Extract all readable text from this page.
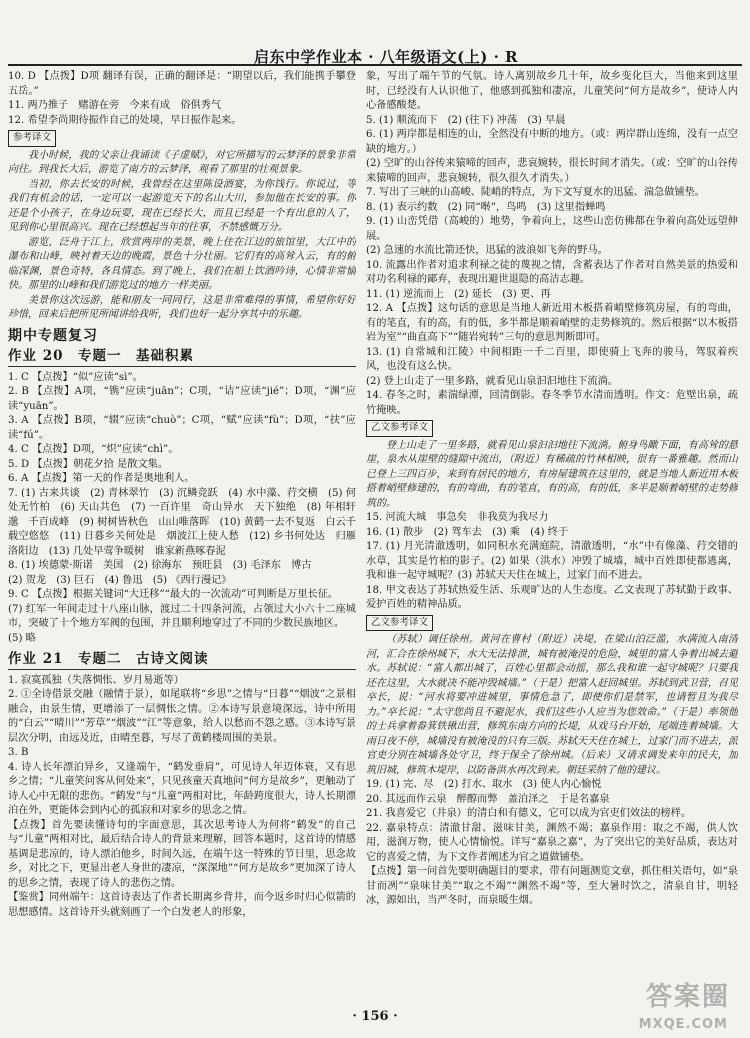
启东中学作业本 · 八年级语文(上) · R

10. D 【点拨】D项 翻译有误，正确的翻译是：“期望以后，我们能携手攀登五岳。”

11. 两乃推子　赌游在旁　今来有成　俗俱秀气

12. 希望李尚期待振作自己的处境，早日振作起来。

参考译文

我小时候，我的父亲让我诵读《子虚赋》，对它所描写的云梦泽的景象非常向往。到我长大后，游览了南方的云梦泽，观看了那里的壮观景象。

当初，你去长安的时候，我曾经在这里陈设酒宴，为你饯行。你说过，等我们有机会的话，一定可以一起游览天下的名山大川，参加他在长安的事。你还是个小孩子，在身边玩耍，现在已经长大，而且已经是一个有出息的人了，见到你心里很高兴。现在已经想起当年的往事，不禁感慨万分。

游览，泛舟于江上，欣赏两岸的美景，晚上住在江边的旅馆里，大江中的瀑布和山峰，映衬着天边的晚霞，景色十分壮丽。它们有的高耸入云，有的俯临深渊，景色奇特，各具情态。到了晚上，我们在船上饮酒吟诗，心情非常愉快。那里的山峰和我们游览过的地方一样美丽。

美景你这次远游，能和朋友一同同行，这是非常难得的事情，希望你好好珍惜，回来后把所见所闻讲给我听，我们也好一起分享其中的乐趣。

期中专题复习

作业 20　专题一　基础积累

1. C 【点拨】“似”应读“sì”。

2. B 【点拨】A项，“镌”应读“juān”；C项，“诘”应读“jié”；D项，“渊”应读“yuān”。

3. A 【点拨】B项，“辍”应读“chuò”；C项，“赋”应读“fù”；D项，“扶”应读“fú”。

4. C 【点拨】D项，“炽”应读“chì”。

5. D 【点拨】朝花夕拾 是散文集。

6. A 【点拨】第一天的作者是奥地利人。

7. (1) 古来共谈　(2) 青林翠竹　(3) 沉鳞竞跃　(4) 水中藻、荇交横　(5) 何处无竹柏　(6) 天山共色　(7) 一百许里　奇山异水　天下独绝　(8) 年相轩邈　千百成峰　(9) 树树皆秋色　山山唯落晖　(10) 黄鹤一去不复返　白云千载空悠悠　(11) 日暮乡关何处是　烟波江上使人愁　(12) 乡书何处达　归雁洛阳边　(13) 几处早莺争暖树　谁家新燕啄春泥

8. (1) 埃德蒙·斯诺　美国　(2) 徐海东　预旺县　(3) 毛泽东　博古

(2) 贺龙　(3) 巨石　(4) 鲁迅　(5) 《西行漫记》

9. C 【点拨】根据关键词“大迁移”“最大的一次流动”可判断是万里长征。

(7) 红军一年间走过十八座山脉，渡过二十四条河流，占领过大小六十二座城市，突破了十个地方军阀的包围，并且顺利地穿过了不同的少数民族地区。

(5) 略

作业 21　专题二　古诗文阅读

1. 寂寞孤独（失落惆怅、岁月易逝等）

2. ①全诗借景交融（融情于景），如尾联将“乡思”之情与“日暮”“烟波”之景相融合，由景生情，更增添了一层惆怅之情。②本诗写景意境深远，诗中所用的“白云”“晴川”“芳草”“烟波”“江”等意象，给人以愁而不怨之感。③本诗写景层次分明，由远及近，由晴至暮，写尽了黄鹤楼周围的美景。

3. B

4. 诗人长年漂泊异乡，又逢端午，“鹤发垂肩”，可见诗人年迈体衰，又有思乡之情；“儿童笑问客从何处来”，只见孩童天真地问“何方是故乡”，更触动了诗人心中无限的悲伤。“鹤发”与“儿童”两相对比，年龄跨度很大，诗人长期漂泊在外，更能体会到内心的孤寂和对家乡的思念之情。

【点拨】首先要读懂诗句的字面意思，其次思考诗人为何将“鹤发”的自己与“儿童”两相对比，最后结合诗人的背景来理解，回答本题时，这首诗的情感基调是悲凉的，诗人漂泊他乡，时间久远，在端午这一特殊的节日里，思念故乡，对比之下，更显出老人身世的凄凉，“深深地”“何方是故乡”更加深了诗人的思乡之情，表现了诗人的悲伤之情。

【鉴赏】同州端午：这首诗表达了作者长期离乡背井，而今返乡时归心似箭的思想感情。这首诗开头就刻画了一个白发老人的形象，

象，写出了端午节的气氛。诗人离别故乡几十年，故乡变化巨大，当他来到这里时，已经没有人认识他了，他感到孤独和凄凉，儿童笑问“何方是故乡”，使诗人内心备感酸楚。

5. (1) 顺流而下　(2) (往下) 冲荡　(3) 早晨

6. (1) 两岸都是相连的山，全然没有中断的地方。（或：两岸群山连绵，没有一点空缺的地方。）

(2) 空旷的山谷传来猿啼的回声，悲哀婉转，很长时间才消失。（或：空旷的山谷传来猿啼的回声，悲哀婉转，很久很久才消失。）

7. 写出了三峡的山高峻、陡峭的特点，为下文写夏水的迅猛、湍急做铺垫。

8. (1) 表示约数　(2) 同“啭”，鸟鸣　(3) 这里指蝉鸣

9. (1) 山峦凭借（高峻的）地势，争着向上，这些山峦仿佛都在争着向高处远望伸展。

(2) 急速的水流比箭还快，迅猛的波浪如飞奔的野马。

10. 流露出作者对追求利禄之徒的蔑视之情，含蓄表达了作者对自然美景的热爱和对功名利禄的鄙弃，表现出避世退隐的高洁志趣。

11. (1) 逆流而上　(2) 延长　(3) 更、再

12. A 【点拨】这句话的意思是当地人新近用木板搭着峭壁修筑房屋，有的弯曲，有的笔直，有的高，有的低，多半都是顺着峭壁的走势修筑的。然后根据“以木板搭岩为室”“曲直高下”“随岩宛转”三句的意思判断即可。

13. (1) 自常城和江陵）中间相距一千二百里，即使骑上飞奔的骏马，驾驭着疾风，也没有这么快。

(2) 登上山走了一里多路，就看见山泉汩汩地往下流淌。

14. 春冬之时，素湍绿潭，回清倒影。春冬季节水清而透明。作文：危壁出泉，疏竹掩映。

乙文参考译文

登上山走了一里多路，就看见山泉汩汩地往下流淌。俯身鸟瞰下面，有高耸的悬崖，泉水从崖壁的缝隙中流出，（附近）有稀疏的竹林相映，很有一番雅趣。然而山已登上三四百步，来到有居民的地方，有房屋建筑在这里的，就是当地人新近用木板搭着峭壁修建的，有的弯曲，有的笔直，有的高，有的低，多半是顺着峭壁的走势修筑的。

15. 河流大城　事急矣　非我莫为我尽力

16. (1) 散步　(2) 驾车去　(3) 乘　(4) 终于

17. (1) 月光清澈透明，如同积水充满庭院，清澈透明，“水”中有像藻、荇交错的水草，其实是竹柏的影子。(2) 如果（洪水）冲毁了城墙，城中百姓即使都逃离，我和谁一起守城呢？(3) 苏轼天天住在城上，过家门而不进去。

18. 甲文表达了苏轼热爱生活、乐观旷达的人生态度。乙文表现了苏轼勤于政事、爱护百姓的精神品质。

乙文参考译文

（苏轼）调任徐州。黄河在曹村（附近）决堤，在梁山泊泛滥，水满流入南清河，汇合在徐州城下，水大无法排泄，城有被淹没的危险，城里的富人争着出城去避水。苏轼说：“富人都出城了，百姓心里都会动摇，那么我和谁一起守城呢？只要我还在这里，大水就决不能冲毁城墙。”（于是）把富人赶回城里。苏轼到武卫营，召见卒长，说：“河水将要冲进城里，事情危急了，即使你们是禁军，也请暂且为我尽力。”卒长说：“太守您尚且不避泥水，我们这些小人应当为您效命。”（于是）率领他的士兵拿着畚箕铁锹出营，修筑东南方向的长堤，从戏马台开始，尾端连着城墙。大雨日夜不停，城墙没有被淹没的只有三版。苏轼天天住在城上，过家门而不进去，派官吏分别在城墙各处守卫，终于保全了徐州城。（后来）又请求调发来年的民夫，加筑旧城，修筑木堤岸，以防备洪水再次到来。朝廷采纳了他的建议。

19. (1) 完、尽　(2) 打水、取水　(3) 使人内心愉悦

20. 其远而作云泉　醉醇而弊　盖泊泽之　于是名嘉泉

21. 我喜爱它（井泉）的清白和有德义，它可以成为官吏们效法的榜样。

22. 嘉泉特点：清澈甘甜、滋味甘美，渊然不竭；嘉泉作用：取之不竭，供人饮用，滋润万物，使人心情愉悦。详写“嘉泉之嘉”，为了突出它的美好品质，表达对它的喜爱之情，为下文作者阐述为官之道做铺垫。

【点拨】第一问首先要明确题目的要求，带有问题测览文章，抓住相关语句，如“泉甘而冽”“泉味甘美”“取之不竭”“渊然不竭”等，至大暑时饮之，清泉自甘，明轻冰，源如出，当严冬时，而泉暖生烟。

· 156 ·
答案圈
MXQE.COM
